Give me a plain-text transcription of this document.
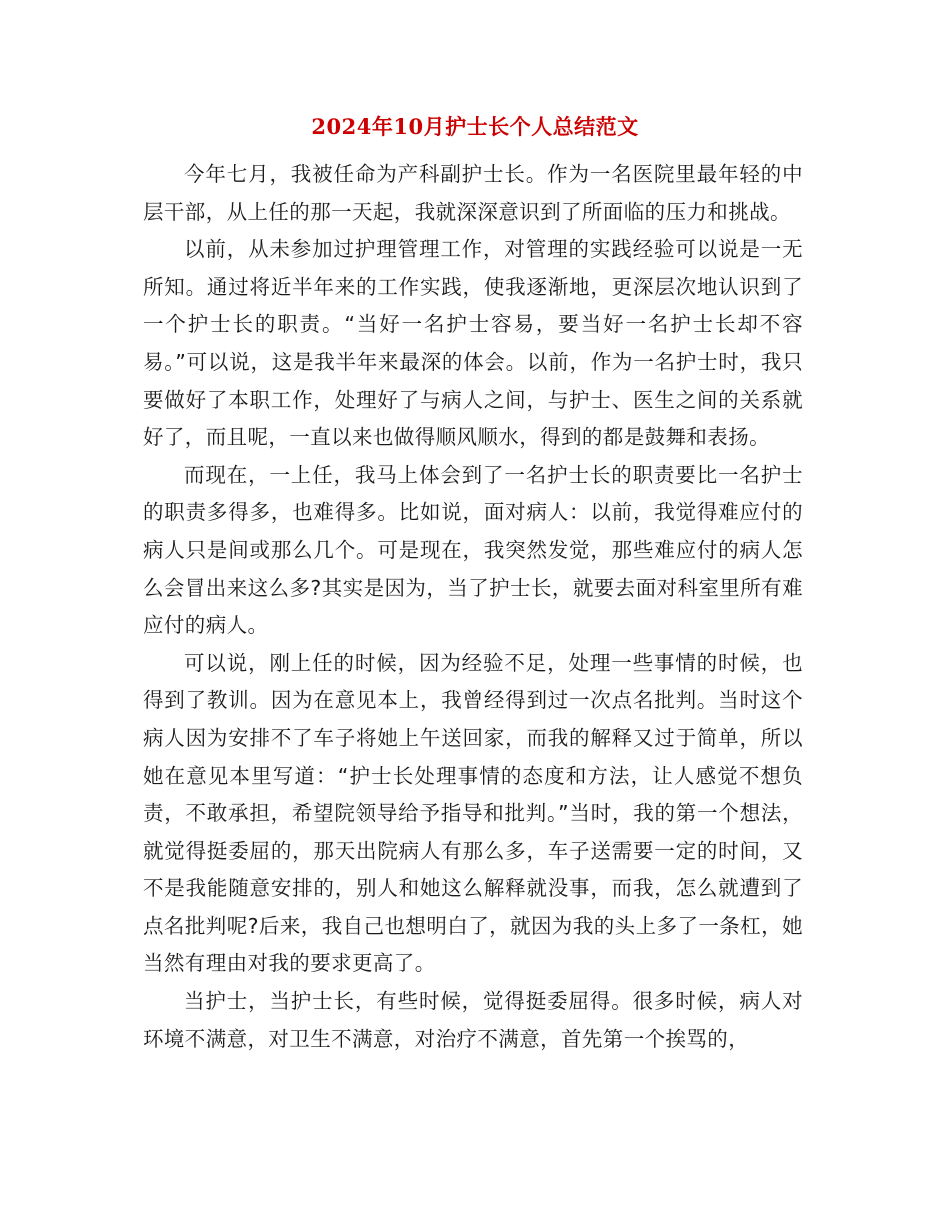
2024年10月护士长个人总结范文

今年七月，我被任命为产科副护士长。作为一名医院里最年轻的中层干部，从上任的那一天起，我就深深意识到了所面临的压力和挑战。

以前，从未参加过护理管理工作，对管理的实践经验可以说是一无所知。通过将近半年来的工作实践，使我逐渐地，更深层次地认识到了一个护士长的职责。“当好一名护士容易，要当好一名护士长却不容易。”可以说，这是我半年来最深的体会。以前，作为一名护士时，我只要做好了本职工作，处理好了与病人之间，与护士、医生之间的关系就好了，而且呢，一直以来也做得顺风顺水，得到的都是鼓舞和表扬。

而现在，一上任，我马上体会到了一名护士长的职责要比一名护士的职责多得多，也难得多。比如说，面对病人：以前，我觉得难应付的病人只是间或那么几个。可是现在，我突然发觉，那些难应付的病人怎么会冒出来这么多?其实是因为，当了护士长，就要去面对科室里所有难应付的病人。

可以说，刚上任的时候，因为经验不足，处理一些事情的时候，也得到了教训。因为在意见本上，我曾经得到过一次点名批判。当时这个病人因为安排不了车子将她上午送回家，而我的解释又过于简单，所以她在意见本里写道：“护士长处理事情的态度和方法，让人感觉不想负责，不敢承担，希望院领导给予指导和批判。”当时，我的第一个想法，就觉得挺委屈的，那天出院病人有那么多，车子送需要一定的时间，又不是我能随意安排的，别人和她这么解释就没事，而我，怎么就遭到了点名批判呢?后来，我自己也想明白了，就因为我的头上多了一条杠，她当然有理由对我的要求更高了。

当护士，当护士长，有些时候，觉得挺委屈得。很多时候，病人对环境不满意，对卫生不满意，对治疗不满意，首先第一个挨骂的，
